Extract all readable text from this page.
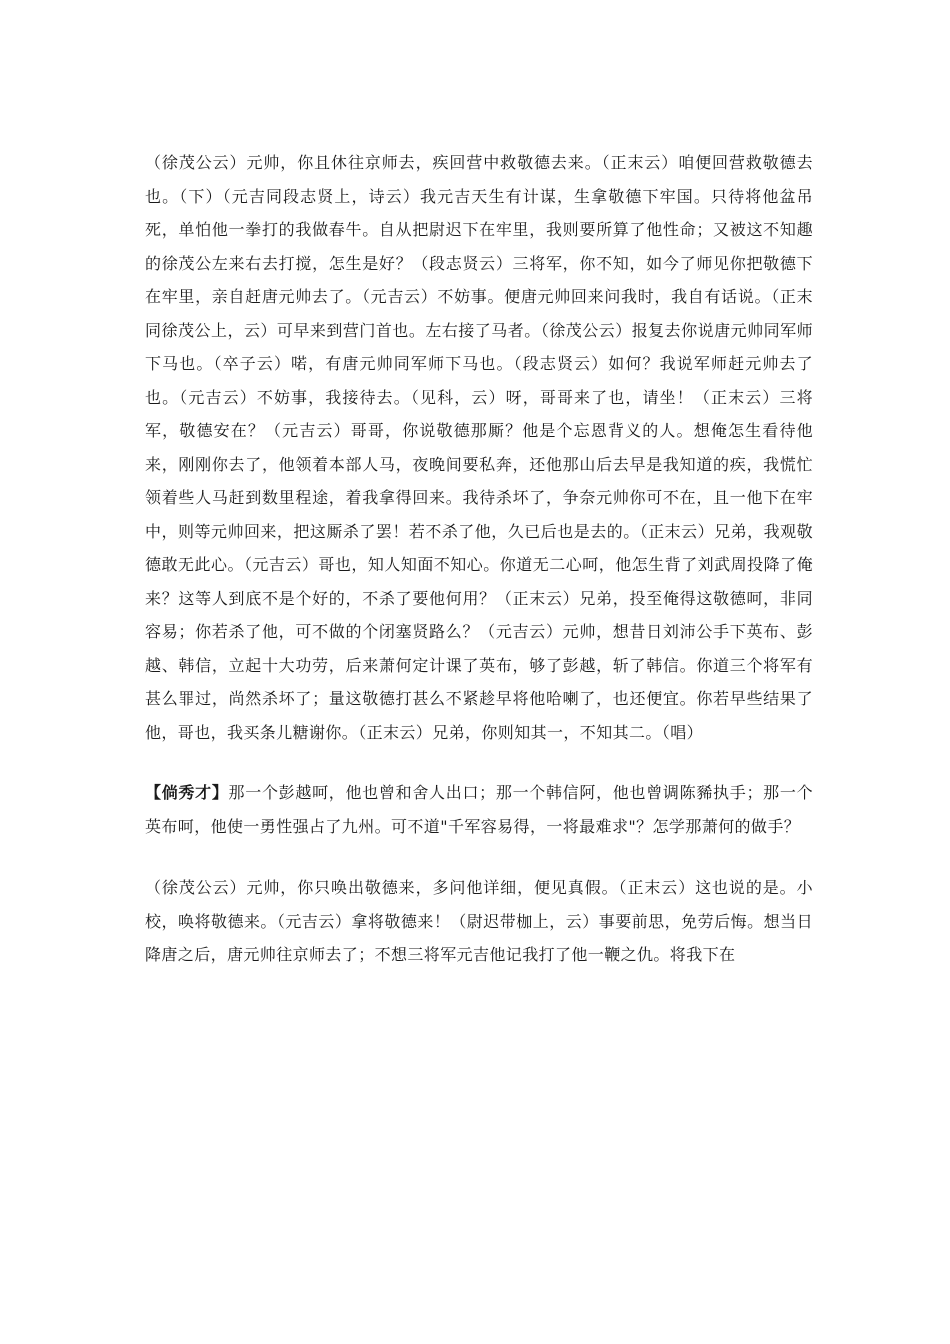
（徐茂公云）元帅，你且休往京师去，疾回营中救敬德去来。（正末云）咱便回营救敬德去也。（下）（元吉同段志贤上，诗云）我元吉天生有计谋，生拿敬德下牢国。只待将他盆吊死，单怕他一拳打的我做春牛。自从把尉迟下在牢里，我则要所算了他性命；又被这不知趣的徐茂公左来右去打搅，怎生是好？（段志贤云）三将军，你不知，如今了师见你把敬德下在牢里，亲自赶唐元帅去了。（元吉云）不妨事。便唐元帅回来问我时，我自有话说。（正末同徐茂公上，云）可早来到营门首也。左右接了马者。（徐茂公云）报复去你说唐元帅同军师下马也。（卒子云）喏，有唐元帅同军师下马也。（段志贤云）如何？我说军师赶元帅去了也。（元吉云）不妨事，我接待去。（见科，云）呀，哥哥来了也，请坐！（正末云）三将军，敬德安在？（元吉云）哥哥，你说敬德那厮？他是个忘恩背义的人。想俺怎生看待他来，刚刚你去了，他领着本部人马，夜晚间要私奔，还他那山后去早是我知道的疾，我慌忙领着些人马赶到数里程途，着我拿得回来。我待杀坏了，争奈元帅你可不在，且一他下在牢中，则等元帅回来，把这厮杀了罢！若不杀了他，久已后也是去的。（正末云）兄弟，我观敬德敢无此心。（元吉云）哥也，知人知面不知心。你道无二心呵，他怎生背了刘武周投降了俺来？这等人到底不是个好的，不杀了要他何用？（正末云）兄弟，投至俺得这敬德呵，非同容易；你若杀了他，可不做的个闭塞贤路么？（元吉云）元帅，想昔日刘沛公手下英布、彭越、韩信，立起十大功劳，后来萧何定计课了英布，够了彭越，斩了韩信。你道三个将军有甚么罪过，尚然杀坏了；量这敬德打甚么不紧趁早将他哈喇了，也还便宜。你若早些结果了他，哥也，我买条儿糖谢你。（正末云）兄弟，你则知其一，不知其二。（唱）

【倘秀才】那一个彭越呵，他也曾和舍人出口；那一个韩信阿，他也曾调陈豨执手；那一个英布呵，他使一勇性强占了九州。可不道"千军容易得，一将最难求"？怎学那萧何的做手？

（徐茂公云）元帅，你只唤出敬德来，多问他详细，便见真假。（正末云）这也说的是。小校，唤将敬德来。（元吉云）拿将敬德来！（尉迟带枷上，云）事要前思，免劳后悔。想当日降唐之后，唐元帅往京师去了；不想三将军元吉他记我打了他一鞭之仇。将我下在
